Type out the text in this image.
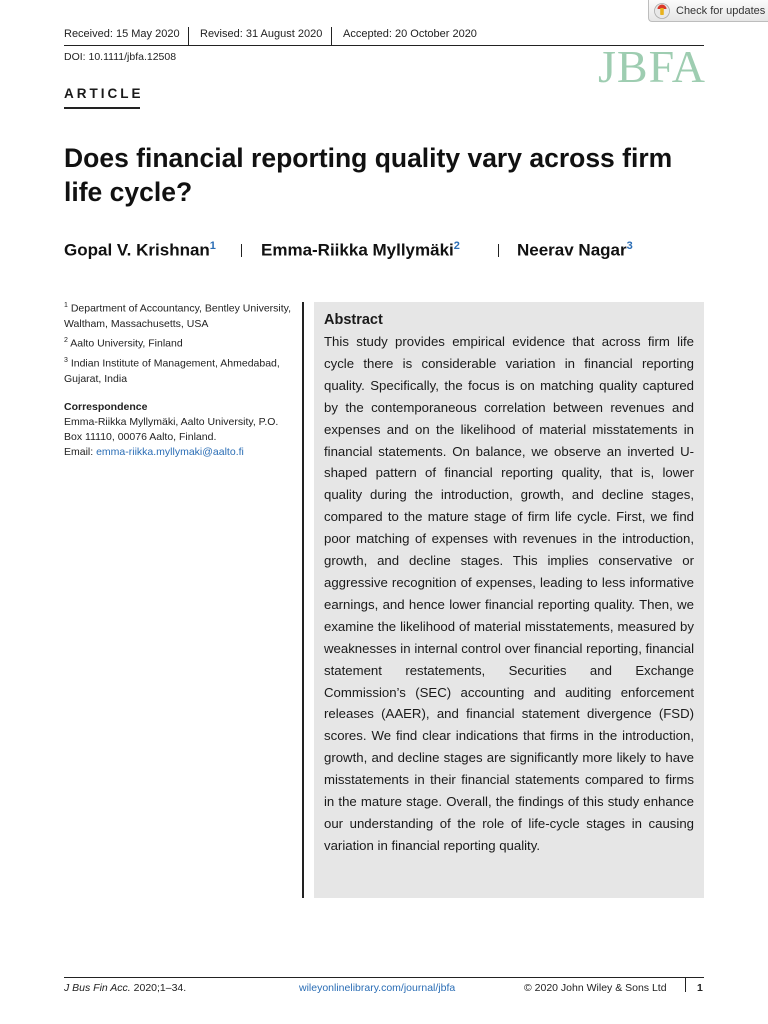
Check for updates
Received: 15 May 2020 Revised: 31 August 2020 Accepted: 20 October 2020
DOI: 10.1111/jbfa.12508	JBFA
ARTICLE
Does financial reporting quality vary across firm life cycle?
Gopal V. Krishnan$^1$	Emma-Riikka Myllymäki$^2$	Neerav Nagar$^3$
$^1$ Department of Accountancy, Bentley University, Waltham, Massachusetts, USA
$^2$ Aalto University, Finland
$^3$ Indian Institute of Management, Ahmedabad, Gujarat, India
Correspondence
Emma-Riikka Myllymäki, Aalto University, P.O. Box 11110, 00076 Aalto, Finland.
Email: emma-riikka.myllymaki@aalto.fi
Abstract

This study provides empirical evidence that across firm life cycle there is considerable variation in financial reporting quality. Specifically, the focus is on matching quality captured by the contemporaneous correlation between revenues and expenses and on the likelihood of material misstatements in financial statements. On balance, we observe an inverted U-shaped pattern of financial reporting quality, that is, lower quality during the introduction, growth, and decline stages, compared to the mature stage of firm life cycle. First, we find poor matching of expenses with revenues in the introduction, growth, and decline stages. This implies conservative or aggressive recognition of expenses, leading to less informative earnings, and hence lower financial reporting quality. Then, we examine the likelihood of material misstatements, measured by weaknesses in internal control over financial reporting, financial statement restatements, Securities and Exchange Commission’s (SEC) accounting and auditing enforcement releases (AAER), and financial statement divergence (FSD) scores. We find clear indications that firms in the introduction, growth, and decline stages are significantly more likely to have misstatements in their financial statements compared to firms in the mature stage. Overall, the findings of this study enhance our understanding of the role of life-cycle stages in causing variation in financial reporting quality.

J Bus Fin Acc. 2020;1–34.	wileyonlinelibrary.com/journal/jbfa	© 2020 John Wiley & Sons Ltd	1
